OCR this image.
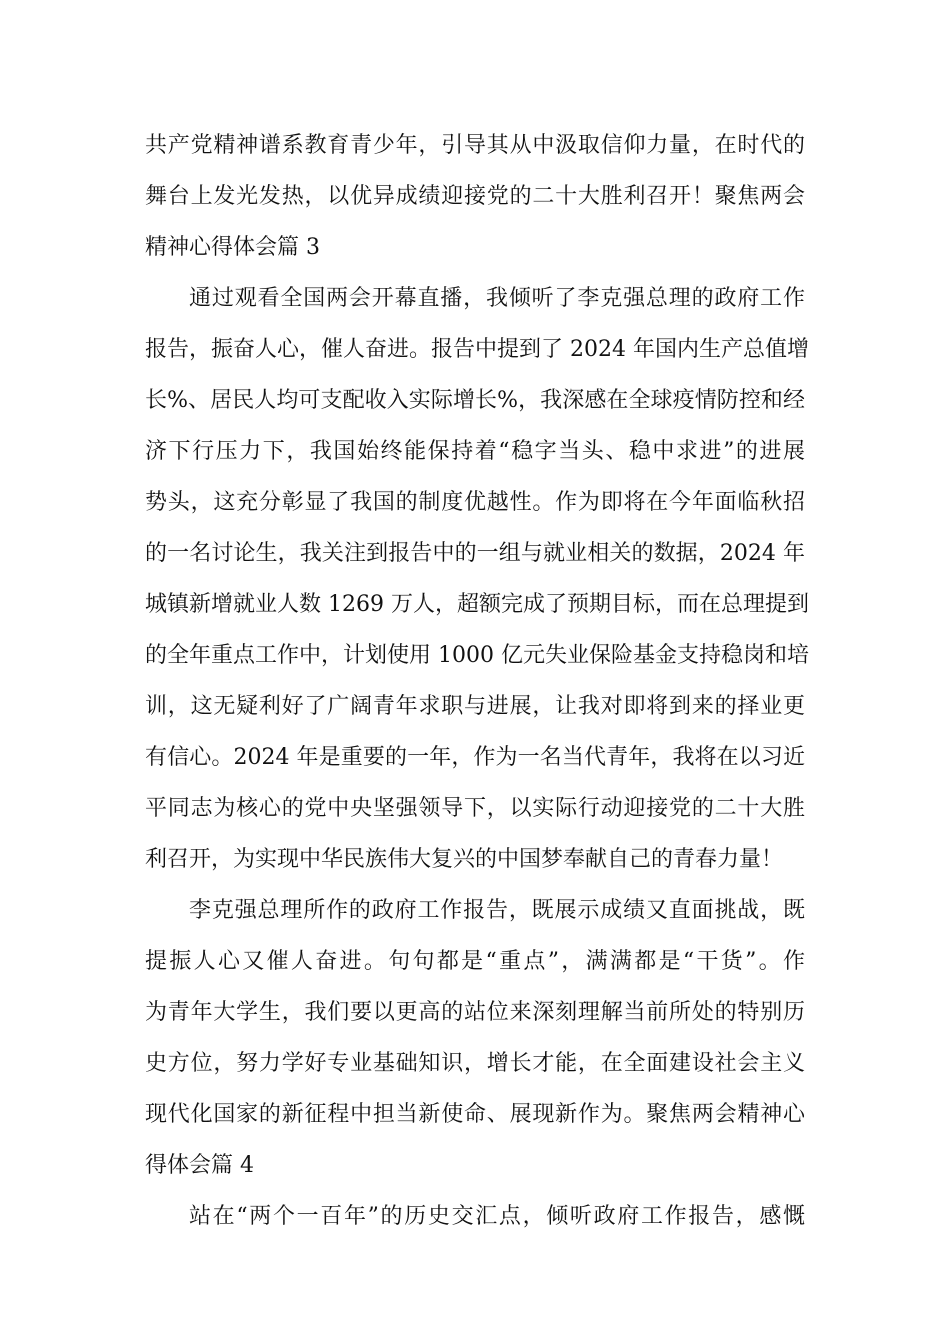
共产党精神谱系教育青少年，引导其从中汲取信仰力量，在时代的
舞台上发光发热，以优异成绩迎接党的二十大胜利召开！聚焦两会
精神心得体会篇 3
通过观看全国两会开幕直播，我倾听了李克强总理的政府工作
报告，振奋人心，催人奋进。报告中提到了 2024 年国内生产总值增
长%、居民人均可支配收入实际增长%，我深感在全球疫情防控和经
济下行压力下，我国始终能保持着“稳字当头、稳中求进”的进展
势头，这充分彰显了我国的制度优越性。作为即将在今年面临秋招
的一名讨论生，我关注到报告中的一组与就业相关的数据，2024 年
城镇新增就业人数 1269 万人，超额完成了预期目标，而在总理提到
的全年重点工作中，计划使用 1000 亿元失业保险基金支持稳岗和培
训，这无疑利好了广阔青年求职与进展，让我对即将到来的择业更
有信心。2024 年是重要的一年，作为一名当代青年，我将在以习近
平同志为核心的党中央坚强领导下，以实际行动迎接党的二十大胜
利召开，为实现中华民族伟大复兴的中国梦奉献自己的青春力量！
李克强总理所作的政府工作报告，既展示成绩又直面挑战，既
提振人心又催人奋进。句句都是“重点”，满满都是“干货”。作
为青年大学生，我们要以更高的站位来深刻理解当前所处的特别历
史方位，努力学好专业基础知识，增长才能，在全面建设社会主义
现代化国家的新征程中担当新使命、展现新作为。聚焦两会精神心
得体会篇 4
站在“两个一百年”的历史交汇点，倾听政府工作报告，感慨
